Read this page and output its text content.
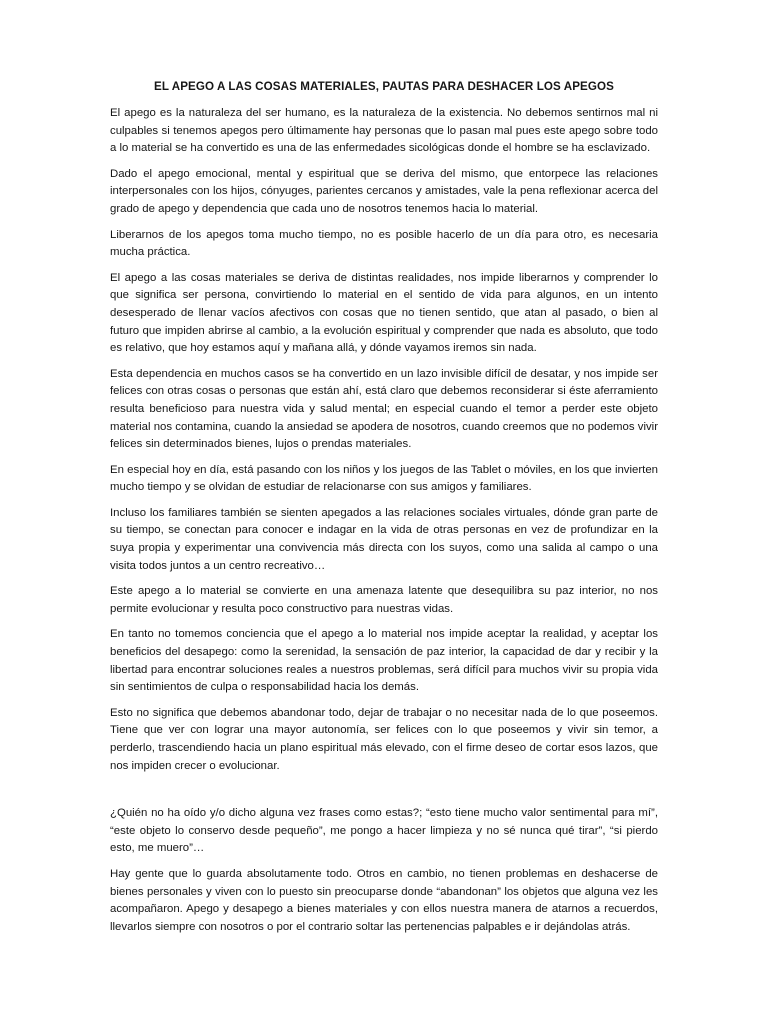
EL APEGO A LAS COSAS MATERIALES, PAUTAS PARA DESHACER LOS APEGOS

El apego es la naturaleza del ser humano, es la naturaleza de la existencia. No debemos sentirnos mal ni culpables si tenemos apegos pero últimamente hay personas que lo pasan mal pues este apego sobre todo a lo material se ha convertido es una de las enfermedades sicológicas donde el hombre se ha esclavizado.

Dado el apego emocional, mental y espiritual que se deriva del mismo, que entorpece las relaciones interpersonales con los hijos, cónyuges, parientes cercanos y amistades, vale la pena reflexionar acerca del grado de apego y dependencia que cada uno de nosotros tenemos hacia lo material.

Liberarnos de los apegos toma mucho tiempo, no es posible hacerlo de un día para otro, es necesaria mucha práctica.

El apego a las cosas materiales se deriva de distintas realidades, nos impide liberarnos y comprender lo que significa ser persona, convirtiendo lo material en el sentido de vida para algunos, en un intento desesperado de llenar vacíos afectivos con cosas que no tienen sentido, que atan al pasado, o bien al futuro que impiden abrirse al cambio, a la evolución espiritual y comprender que nada es absoluto, que todo es relativo, que hoy estamos aquí y mañana allá, y dónde vayamos iremos sin nada.

Esta dependencia en muchos casos se ha convertido en un lazo invisible difícil de desatar, y nos impide ser felices con otras cosas o personas que están ahí, está claro que debemos reconsiderar si éste aferramiento resulta beneficioso para nuestra vida y salud mental; en especial cuando el temor a perder este objeto material nos contamina, cuando la ansiedad se apodera de nosotros, cuando creemos que no podemos vivir felices sin determinados bienes, lujos o prendas materiales.

En especial hoy en día, está pasando con los niños y los juegos de las Tablet o móviles, en los que invierten mucho tiempo y se olvidan de estudiar de relacionarse con sus amigos y familiares.

Incluso los familiares también se sienten apegados a las relaciones sociales virtuales, dónde gran parte de su tiempo, se conectan para conocer e indagar en la vida de otras personas en vez de profundizar en la suya propia y experimentar una convivencia más directa con los suyos, como una salida al campo o una visita todos juntos a un centro recreativo…

Este apego a lo material se convierte en una amenaza latente que desequilibra su paz interior, no nos permite evolucionar y resulta poco constructivo para nuestras vidas.

En tanto no tomemos conciencia que el apego a lo material nos impide aceptar la realidad, y aceptar los beneficios del desapego: como la serenidad, la sensación de paz interior, la capacidad de dar y recibir y la libertad para encontrar soluciones reales a nuestros problemas, será difícil para muchos vivir su propia vida sin sentimientos de culpa o responsabilidad hacia los demás.

Esto no significa que debemos abandonar todo, dejar de trabajar o no necesitar nada de lo que poseemos. Tiene que ver con lograr una mayor autonomía, ser felices con lo que poseemos y vivir sin temor, a perderlo, trascendiendo hacia un plano espiritual más elevado, con el firme deseo de cortar esos lazos, que nos impiden crecer o evolucionar.

¿Quién no ha oído y/o dicho alguna vez frases como estas?; “esto tiene mucho valor sentimental para mí”, “este objeto lo conservo desde pequeño”, me pongo a hacer limpieza y no sé nunca qué tirar”, “si pierdo esto, me muero”…

Hay gente que lo guarda absolutamente todo. Otros en cambio, no tienen problemas en deshacerse de bienes personales y viven con lo puesto sin preocuparse donde “abandonan” los objetos que alguna vez les acompañaron. Apego y desapego a bienes materiales y con ellos nuestra manera de atarnos a recuerdos, llevarlos siempre con nosotros o por el contrario soltar las pertenencias palpables e ir dejándolas atrás.
